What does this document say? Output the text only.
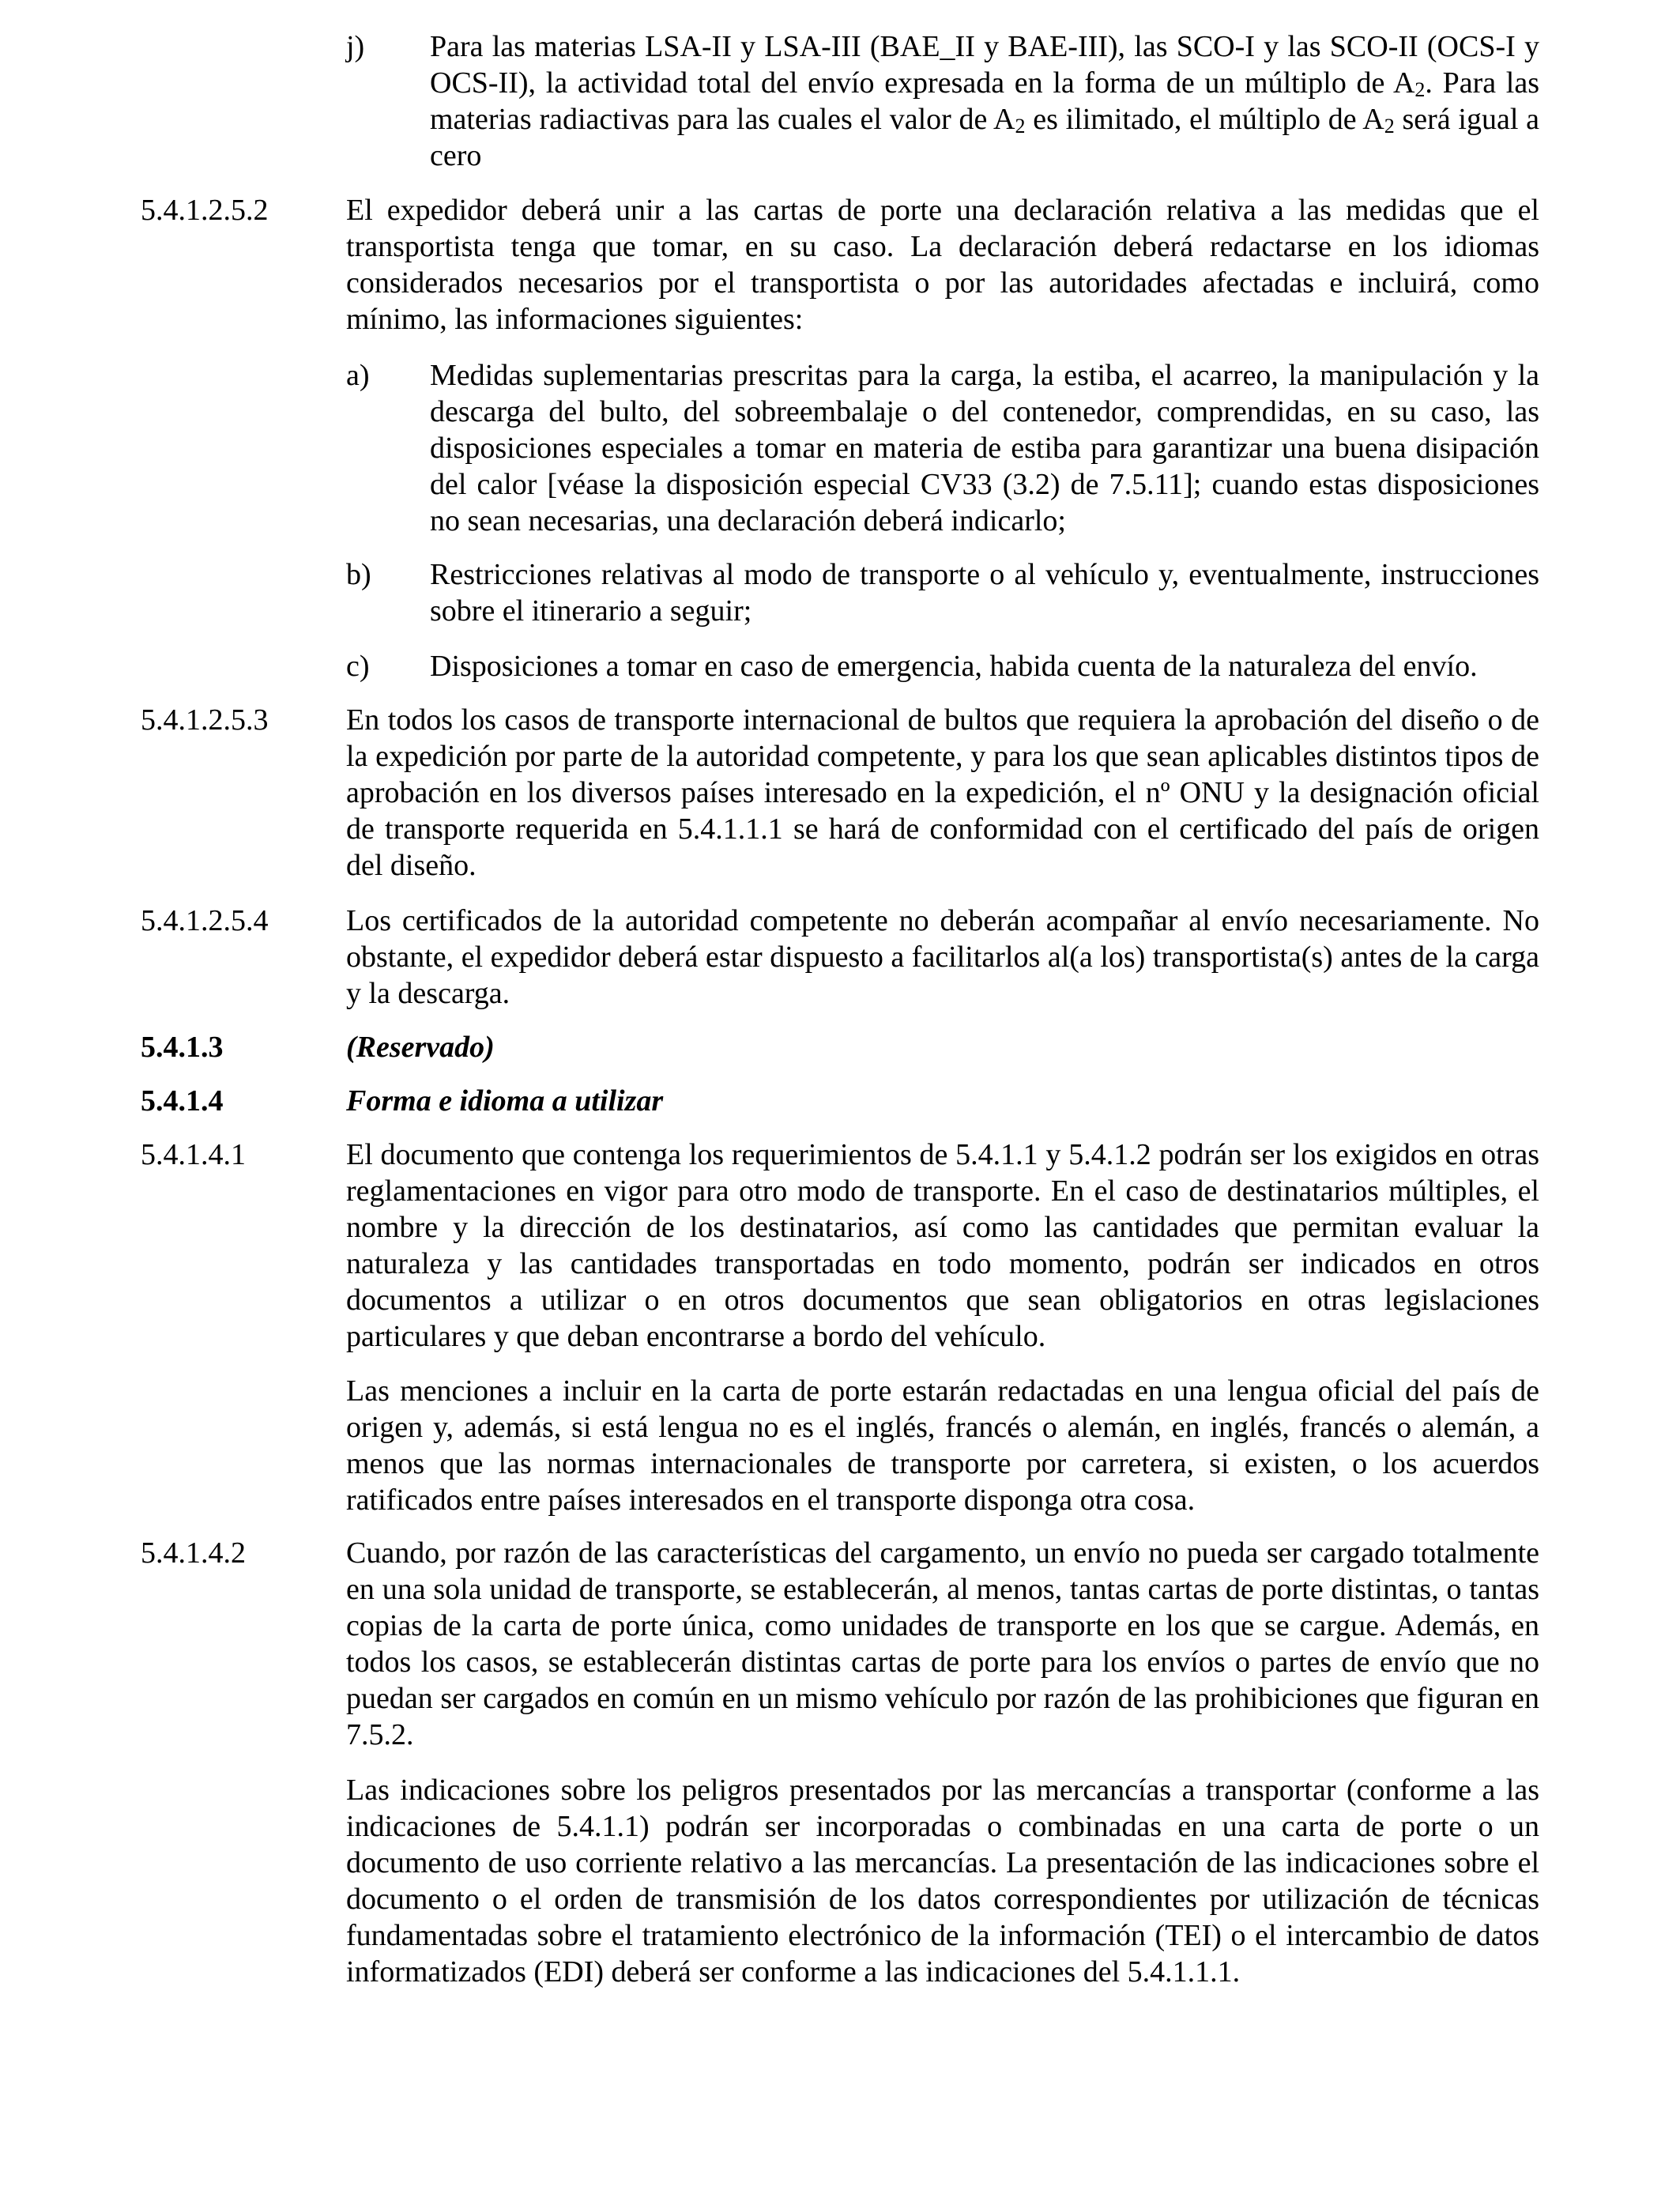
j)	Para las materias LSA-II y LSA-III (BAE_II y BAE-III), las SCO-I y las SCO-II (OCS-I y OCS-II), la actividad total del envío expresada en la forma de un múltiplo de $A_2$. Para las materias radiactivas para las cuales el valor de $A_2$ es ilimitado, el múltiplo de $A_2$ será igual a cero
5.4.1.2.5.2	El expedidor deberá unir a las cartas de porte una declaración relativa a las medidas que el transportista tenga que tomar, en su caso. La declaración deberá redactarse en los idiomas considerados necesarios por el transportista o por las autoridades afectadas e incluirá, como mínimo, las informaciones siguientes:
a)	Medidas suplementarias prescritas para la carga, la estiba, el acarreo, la manipulación y la descarga del bulto, del sobreembalaje o del contenedor, comprendidas, en su caso, las disposiciones especiales a tomar en materia de estiba para garantizar una buena disipación del calor [véase la disposición especial CV33 (3.2) de 7.5.11]; cuando estas disposiciones no sean necesarias, una declaración deberá indicarlo;
b)	Restricciones relativas al modo de transporte o al vehículo y, eventualmente, instrucciones sobre el itinerario a seguir;
c)	Disposiciones a tomar en caso de emergencia, habida cuenta de la naturaleza del envío.
5.4.1.2.5.3	En todos los casos de transporte internacional de bultos que requiera la aprobación del diseño o de la expedición por parte de la autoridad competente, y para los que sean aplicables distintos tipos de aprobación en los diversos países interesado en la expedición, el nº ONU y la designación oficial de transporte requerida en 5.4.1.1.1 se hará de conformidad con el certificado del país de origen del diseño.
5.4.1.2.5.4	Los certificados de la autoridad competente no deberán acompañar al envío necesariamente. No obstante, el expedidor deberá estar dispuesto a facilitarlos al(a los) transportista(s) antes de la carga y la descarga.
5.4.1.3	(Reservado)
5.4.1.4	Forma e idioma a utilizar
5.4.1.4.1	El documento que contenga los requerimientos de 5.4.1.1 y 5.4.1.2 podrán ser los exigidos en otras reglamentaciones en vigor para otro modo de transporte. En el caso de destinatarios múltiples, el nombre y la dirección de los destinatarios, así como las cantidades que permitan evaluar la naturaleza y las cantidades transportadas en todo momento, podrán ser indicados en otros documentos a utilizar o en otros documentos que sean obligatorios en otras legislaciones particulares y que deban encontrarse a bordo del vehículo.
Las menciones a incluir en la carta de porte estarán redactadas en una lengua oficial del país de origen y, además, si está lengua no es el inglés, francés o alemán, en inglés, francés o alemán, a menos que las normas internacionales de transporte por carretera, si existen, o los acuerdos ratificados entre países interesados en el transporte disponga otra cosa.
5.4.1.4.2	Cuando, por razón de las características del cargamento, un envío no pueda ser cargado totalmente en una sola unidad de transporte, se establecerán, al menos, tantas cartas de porte distintas, o tantas copias de la carta de porte única, como unidades de transporte en los que se cargue. Además, en todos los casos, se establecerán distintas cartas de porte para los envíos o partes de envío que no puedan ser cargados en común en un mismo vehículo por razón de las prohibiciones que figuran en 7.5.2.
Las indicaciones sobre los peligros presentados por las mercancías a transportar (conforme a las indicaciones de 5.4.1.1) podrán ser incorporadas o combinadas en una carta de porte o un documento de uso corriente relativo a las mercancías. La presentación de las indicaciones sobre el documento o el orden de transmisión de los datos correspondientes por utilización de técnicas fundamentadas sobre el tratamiento electrónico de la información (TEI) o el intercambio de datos informatizados (EDI) deberá ser conforme a las indicaciones del 5.4.1.1.1.
